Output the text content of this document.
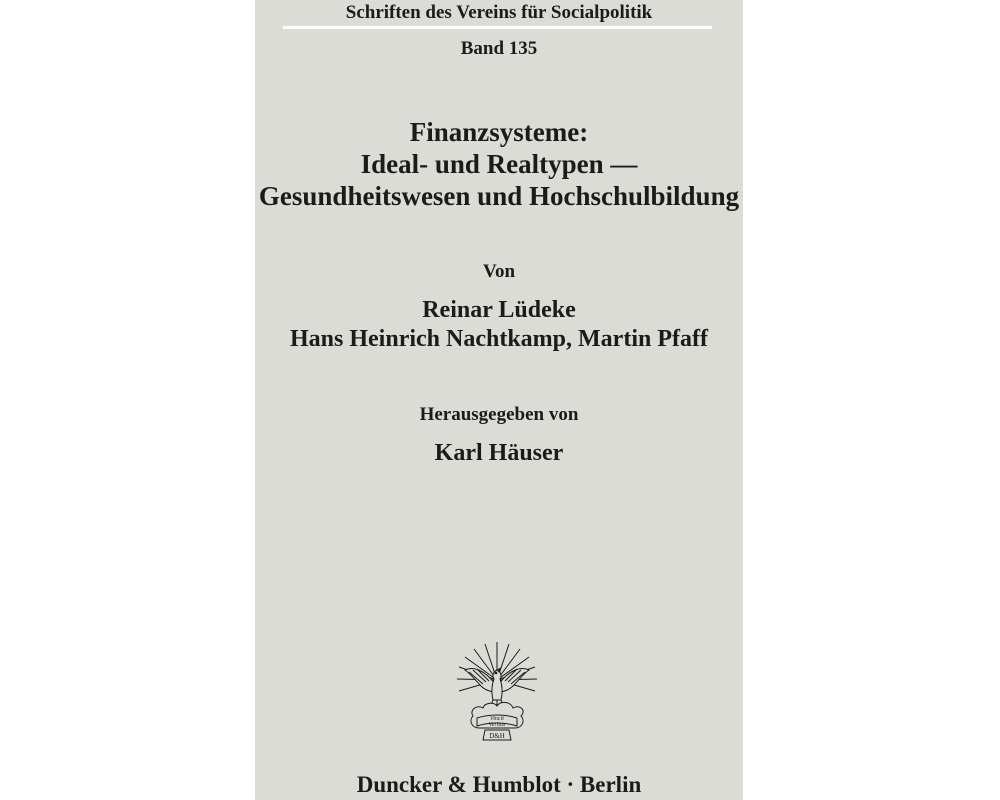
Schriften des Vereins für Socialpolitik
Band 135
Finanzsysteme:
Ideal- und Realtypen —
Gesundheitswesen und Hochschulbildung
Von
Reinar Lüdeke
Hans Heinrich Nachtkamp, Martin Pfaff
Herausgegeben von
Karl Häuser
Vincit
Veritas
D&H
Duncker & Humblot · Berlin
